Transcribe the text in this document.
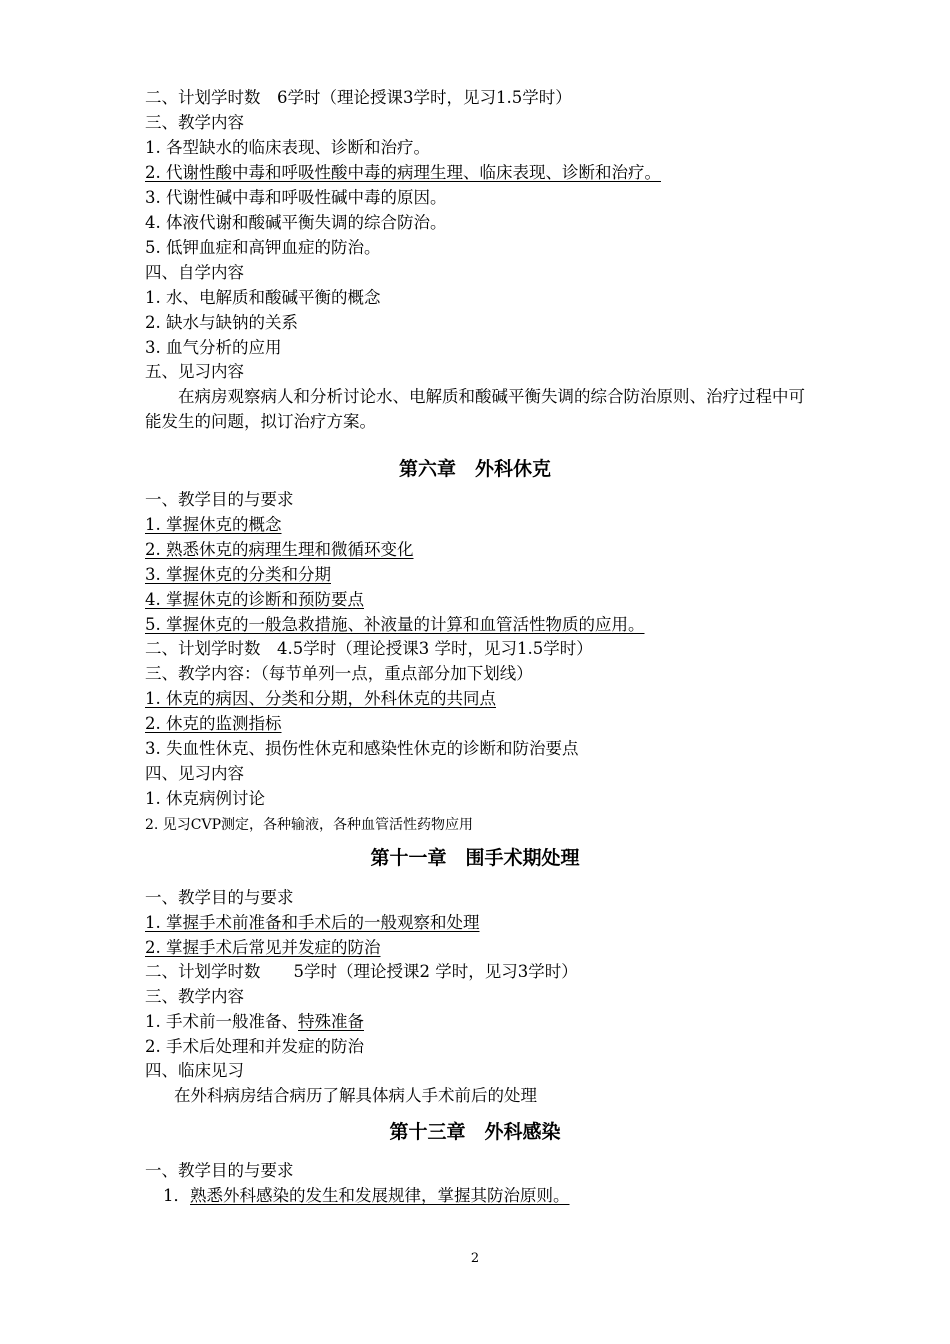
二、计划学时数　6学时（理论授课3学时，见习1.5学时）
三、教学内容
1. 各型缺水的临床表现、诊断和治疗。
2. 代谢性酸中毒和呼吸性酸中毒的病理生理、临床表现、诊断和治疗。
3. 代谢性碱中毒和呼吸性碱中毒的原因。
4. 体液代谢和酸碱平衡失调的综合防治。
5. 低钾血症和高钾血症的防治。
四、自学内容
1. 水、电解质和酸碱平衡的概念
2. 缺水与缺钠的关系
3. 血气分析的应用
五、见习内容
在病房观察病人和分析讨论水、电解质和酸碱平衡失调的综合防治原则、治疗过程中可能发生的问题，拟订治疗方案。
第六章　外科休克
一、教学目的与要求
1. 掌握休克的概念
2. 熟悉休克的病理生理和微循环变化
3. 掌握休克的分类和分期
4. 掌握休克的诊断和预防要点
5. 掌握休克的一般急救措施、补液量的计算和血管活性物质的应用。
二、计划学时数　4.5学时（理论授课3 学时，见习1.5学时）
三、教学内容：（每节单列一点，重点部分加下划线）
1. 休克的病因、分类和分期，外科休克的共同点
2. 休克的监测指标
3. 失血性休克、损伤性休克和感染性休克的诊断和防治要点
四、见习内容
1. 休克病例讨论
2. 见习CVP测定，各种输液，各种血管活性药物应用
第十一章　围手术期处理
一、教学目的与要求
1. 掌握手术前准备和手术后的一般观察和处理
2. 掌握手术后常见并发症的防治
二、计划学时数　　5学时（理论授课2 学时，见习3学时）
三、教学内容
1. 手术前一般准备、特殊准备
2. 手术后处理和并发症的防治
四、临床见习
在外科病房结合病历了解具体病人手术前后的处理
第十三章　外科感染
一、教学目的与要求
1．熟悉外科感染的发生和发展规律，掌握其防治原则。
2
